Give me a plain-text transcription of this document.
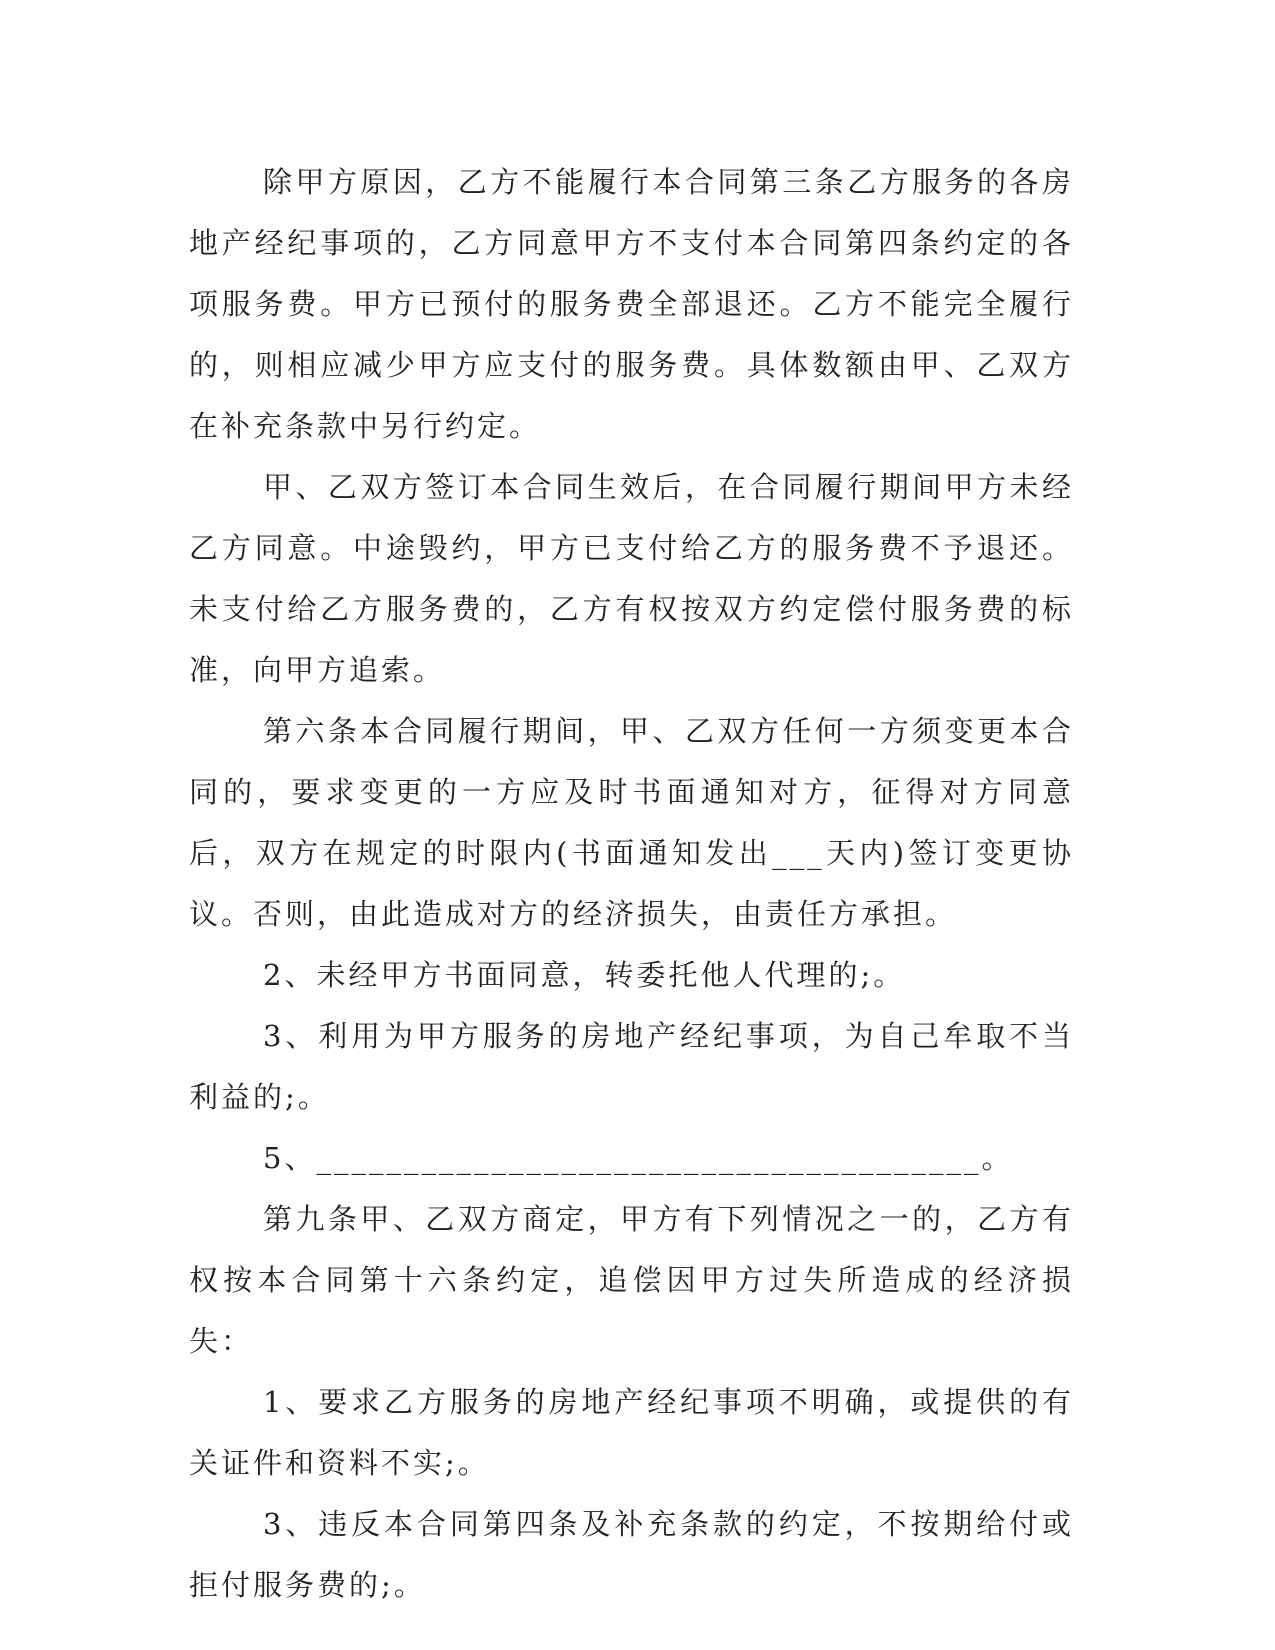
除甲方原因，乙方不能履行本合同第三条乙方服务的各房地产经纪事项的，乙方同意甲方不支付本合同第四条约定的各项服务费。甲方已预付的服务费全部退还。乙方不能完全履行的，则相应减少甲方应支付的服务费。具体数额由甲、乙双方在补充条款中另行约定。

甲、乙双方签订本合同生效后，在合同履行期间甲方未经乙方同意。中途毁约，甲方已支付给乙方的服务费不予退还。未支付给乙方服务费的，乙方有权按双方约定偿付服务费的标准，向甲方追索。

第六条本合同履行期间，甲、乙双方任何一方须变更本合同的，要求变更的一方应及时书面通知对方，征得对方同意后，双方在规定的时限内(书面通知发出___天内)签订变更协议。否则，由此造成对方的经济损失，由责任方承担。

2、未经甲方书面同意，转委托他人代理的;。

3、利用为甲方服务的房地产经纪事项，为自己牟取不当利益的;。

5、______________________________________。

第九条甲、乙双方商定，甲方有下列情况之一的，乙方有权按本合同第十六条约定，追偿因甲方过失所造成的经济损失：

1、要求乙方服务的房地产经纪事项不明确，或提供的有关证件和资料不实;。

3、违反本合同第四条及补充条款的约定，不按期给付或拒付服务费的;。
